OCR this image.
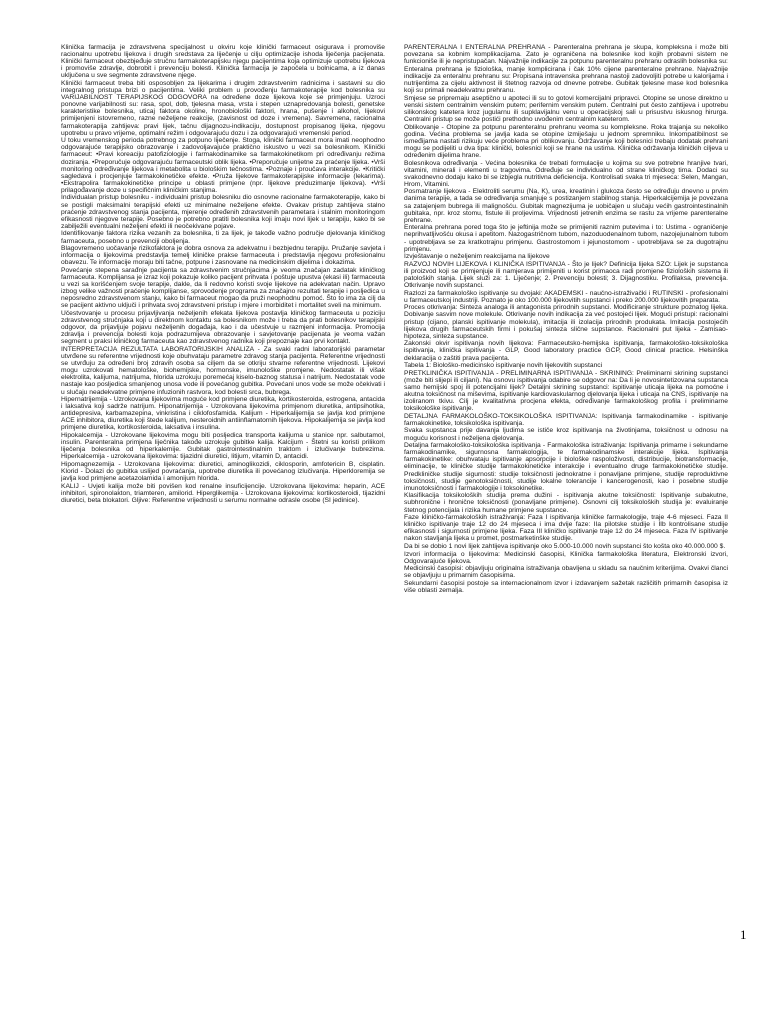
Klinička farmacija je zdravstvena specijalnost u okviru koje klinički farmaceut osigurava i promoviše racionalnu upotrebu lijekova i drugih sredstava za liječenje u cilju optimizacije ishoda liječenja pacijenata. Klinički farmaceut obezbjeđuje stručnu farmakoterapijsku njegu pacijentima koja optimizuje upotrebu lijekova i promoviše zdravlje, dobrobit i prevenciju bolesti. Klinička farmacija je započela u bolnicama, a iz danas uključena u sve segmente zdravstvene njege.

Klinički farmaceut treba biti osposobljen za lijekarima i drugim zdravstvenim radnicima i sastavni su dio integralnog pristupa brizi o pacijentima. Veliki problem u provođenju farmakoterapije kod bolesnika su VARIJABILNOST TERAPIJSKOG ODGOVORA na određene doze lijekova koje se primjenjuju. Uzroci ponovne varijabilnosti su: rasa, spol, dob, tjelesna masa, vrsta i stepen uznapredovanja bolesti, genetske karakteristike bolesnika, uticaj faktora okoline, hronobiološki faktori, hrana, pušenje i alkohol, lijekovi primijenjeni istovremeno, razne neželjene reakcije, (zavisnost od doze i vremena). Savremena, racionalna farmakoterapija zahtijeva: pravi lijek, tačnu dijagnozu-indikaciju, dostupnost propisanog lijeka, njegovu upotrebu u pravo vrijeme, optimalni režim i odgovarajuću dozu i za odgovarajući vremenski period.

U toku vremenskog perioda potrebnog za potpuno liječenje. Stoga, klinički farmaceut mora imati neophodno odgovarajuće terapijsko obrazovanje i zadovoljavajuće praktično iskustvo u vezi sa bolesnikom. Klinički farmaceut: •Pravi koreaciju patofiziologije i farmakodinamike sa farmakokinetikom pri određivanju režima doziranja. •Preporučuje odgovarajuću farmaceutski oblik lijeka. •Preporučuje unijetne za praćenje lijeka. •Vrši monitoring određivanje lijekova i metabolita u biološkim tečnostima. •Poznaje i proučava interakcije. •Kritički sagledava i procjenjuje farmakokinetičke efekte. •Pruža lijekove farmakoterapijske informacije (lekarima). •Ekstrapolira farmakokinetičke principe u oblasti primjene (npr. lijekove preduzimanje lijekova). •Vrši prilagođavanje doze u specifičnim kliničkim stanjima.

Individualan pristup bolesniku - individualni pristup bolesniku dio osnovne racionalne farmakoterapije, kako bi se postigli maksimalni terapijski efekti uz minimalne neželjene efekte. Ovakav pristup zahtijeva stalno praćenje zdravstvenog stanja pacijenta, mjerenje određenih zdravstvenih parametara i stalnim monitoringom efikasnosti njegove terapije. Posebno je potrebno pratiti bolesnika koji imaju novi lijek u terapiju, kako bi se zabilježili eventualni neželjeni efekti ili neočekivane pojave.

Identifikovanje faktora rizika vezanih za bolesnika, ti za lijek, je takođe važno područje djelovanja kliničkog farmaceuta, posebno u prevenciji oboljenja.

Blagovremeno uočavanje rizikofaktora je dobra osnova za adekvatnu i bezbjednu terapiju. Pružanje savjeta i informacija o lijekovima predstavlja temelj kliničke prakse farmaceuta i predstavlja njegovu profesionalnu obavezu. Te informacije moraju biti tačne, potpune i zasnovane na medicinskim dijelima i dokazima.

Povećanje stepena sarađnje pacijenta sa zdravstvenim stručnjacima je veoma značajan zadatak kliničkog farmaceuta. Komplijansa je izraz koji pokazuje koliko pacijent prihvata i poštuje upustva (ekasi ili) farmaceuta u vezi sa korišćenjem svoje terapije, dakle, da li redovno koristi svoje lijekove na adekvatan način. Upravo izbog velike važnosti praćenje komplijanse, sprovodenje programa za značajno rezultati terapije i posljedica u neposredno zdravstvenom stanju, kako bi farmaceut mogao da pruži neophodnu pomoć. Što to ima za cilj da se pacijent aktivno uključi i prihvata svoj zdravstveni pristup i mjere i morbiditet i mortalitet sveli na minimum.

Učestvovanje u procesu prijavljivanja neželjenih efekata lijekova postavlja kliničkog farmaceuta u poziciju zdravstvenog stručnjaka koji u direktnom kontaktu sa bolesnikom može i treba da prati bolesnikov terapijski odgovor, da prijavljuje pojavu neželjenih događaja, kao i da učestvuje u razmjeni informacija. Promocija zdravlja i prevencija bolesti koja podrazumijeva obrazovanje i savjetovanje pacijenata je veoma važan segment u praksi kliničkog farmaceuta kao zdravstvenog radnika koji prepoznaje kao prvi kontakt.

INTERPRETACIJA REZULTATA LABORATORIJSKIH ANALIZA - Za svaki radni laboratorijski parametar utvrđene su referentne vrijednosti koje obuhvataju parametre zdravog stanja pacijenta. Referentne vrijednosti se utvrđuju za određeni broj zdravih osoba sa ciljem da se otkriju stvarne referentne vrijednosti. Lijekovi mogu uzrokovati hematološke, biohemijske, hormonske, imunološke promjene. Nedostatak ili višak elektrolita, kalijuma, natrijuma, hlorida uzrokuju poremećaj kiselo-baznog statusa i natrijum. Nedostatak vode nastaje kao posljedica smanjenog unosa vode ili povećanog gubitka. Povećani unos vode se može očekivati i u slučaju neadekvatne primjene infuzionih rastvora, kod bolesti srca, bubrega.

Hipernatrijemija - Uzrokovana lijekovima moguće kod primjene diuretika, kortikosteroida, estrogena, antacida i laksativa koji sadrže natrijum. Hiponatrijemija - Uzrokovana lijekovima primjenom diuretika, antipsihotika, antidepresiva, karbamazepina, vinkristina i ciklofosfamida. Kalijum - Hiperkalijemija se javlja kod primjene ACE inhibitora, diuretika koji štede kalijum, nesteroidnih antiinflamatornih lijekova. Hipokalijemija se javlja kod primjene diuretika, kortikosteroida, laksativa i insulina.

Hipokalcemija - Uzrokovane lijekovima mogu biti posljedica transporta kalijuma u stanice npr. salbutamol, insulin. Parenteralna primjena liječnika takođe uzrokuje gubitke kalija. Kalcijum - Štetni su koristi prilikom liječenja bolesnika od hiperkalemije. Gubitak gastrointestinalnim traktom i izlučivanje bubrezima. Hiperkalcemija - uzrokovana lijekovima: tijazidni diuretici, litijum, vitamin D, antacidi.

Hipomagnezemija - Uzrokovana lijekovima: diuretici, aminoglikozidi, ciklosporin, amfotericin B, cisplatin. Klorid - Dolazi do gubitka uslijed povraćanja, upotrebe diuretika ili povećanog izlučivanja. Hiperkloremija se javlja kod primjene acetazolamida i amonijum hlorida.

KALIJ - Uvjeti kalija može biti povišen kod renalne insuficijencije. Uzrokovana lijekovima: heparin, ACE inhibitori, spironolakton, triamteren, amilorid. Hiperglikemija - Uzrokovana lijekovima: kortikosteroidi, tijazidni diuretici, beta blokatori. Gljive: Referentne vrijednosti u serumu normalne odrasle osobe (SI jedinice).

PARENTERALNA I ENTERALNA PREHRANA - Parenteralna prehrana je skupa, kompleksna i može biti povezana sa kobnim komplikacijama. Zato je ograničena na bolesnike kod kojih probavni sistem ne funkcioniše ili je nepristupačan. Najvažnije indikacije za potpunu parenteralnu prehranu odraslih bolesnika su:

Enteralna prehrana je fiziološka, manje komplicirana i čak 10% cijene parenteralne prehrane. Najvažnije indikacije za enteralnu prehranu su: Propisana intravenska prehrana nastoji zadovoljiti potrebe u kalorijama i nutrijentima za cijelu aktivnost ili štetnog razvoja od dnevne potrebe. Gubitak tjelesne mase kod bolesnika koji su primali neadekvatnu prehranu.

Smjese se pripremaju aseptično u apoteci ili su to gotovi komercijalni pripravci. Otopine se unose direktno u venski sistem centralnim venskim putem; perifernim venskim putem. Centralni put često zahtijeva i upotrebu silikonskog katetera kroz jugularnu ili supklavijalnu venu u operacijskoj sali u prisustvu iskusnog hirurga. Centralni pristup se može postići prethodno uvođenim centralnim kateterom.

Oblikovanje - Otopine za potpunu parenteralnu prehranu veoma su kompleksne. Roka trajanja su nekoliko godina. Većina problema se javlja kada se otopine izmiješaju u jednom spremniku. Inkompatibilnost se ismeđijama nastati rizikuju veće problema pri oblikovanju. Održavanje koji bolesnici trebaju dodatak prehrani mogu se podijeliti u dva tipa: klinički, bolesnici koji se hrane na ustima. Klinička održavanja kliničkih ciljeva u određenim dijelima hrane.

Bolesnikova određivanja - Većina bolesnika će trebati formulacije u kojima su sve potrebne hranjive tvari, vitamini, minerali i elementi u tragovima. Određuje se individualno od strane kliničkog tima. Dodaci su svakodnevno dodaju kako bi se izbjegla nutritivna deficiencija. Kontrolisati svaka tri mjeseca: Selen, Mangan, Hrom, Vitamini.

Posmatranje lijekova - Elektroliti serumu (Na, K), urea, kreatinin i glukoza često se određuju dnevno u prvim danima terapije, a tada se određivanja smanjuje s postizanjem stabilnog stanja. Hiperkalcijemija je povezana sa zatajenjem bubrega ili malignošću. Gubitak magnezijuma je uobičajen u slučaju većih gastrointestinalnih gubitaka, npr. kroz stomu, fistule ili proljevima. Vrijednosti jetrenih enzima se rastu za vrijeme parenteralne prehrane.

Enteralna prehrana pored toga što je jeftinija može se primijeniti raznim putevima i to: Ustima - ograničenje neprihvatljivošću okusa i apetitom. Nazogastričnom tubom, nazoduodenalnom tubom, nazojejunalnom tubom - upotrebljava se za kratkotrajnu primjenu. Gastrostomom i jejunostomom - upotrebljava se za dugotrajnu primjenu.

Izvještavanje o neželjenim reakcijama na lijekove

RAZVOJ NOVIH LIJEKOVA I KLINIČKA ISPITIVANJA - Što je lijek? Definicija lijeka SZO: Lijek je supstanca ili proizvod koji se primjenjuje ili namjerava primijeniti u korist primaoca radi promjene fizioloških sistema ili patoloških stanja. Lijek služi za: 1. Liječenje; 2. Prevenciju bolesti; 3. Dijagnostiku. Profilaksa, prevencija. Otkrivanje novih supstanci.

Razlozi za farmakološko ispitivanje su dvojaki: AKADEMSKI - naučno-istraživački i RUTINSKI - profesionalni u farmaceutskoj industriji. Poznato je oko 100.000 lijekovitih supstanci i preko 200.000 lijekovitih preparata.

Proces otkrivanja: Sinteza analoga ili antagonista prirodnih supstanci. Modificiranje strukture poznatog lijeka. Dobivanje sasvim nove molekule. Otkrivanje novih indikacija za već postojeći lijek. Mogući pristupi: racionalni pristup (cijano, planski ispitivanje molekula), imitacija ili izolacija prirodnih produkata. Imitacija postojećih lijekova drugih farmaceutskih firmi i pokušaj sinteza slične supstance. Racionalni put lijeka - Zamisao-hipoteza, sinteza supstance.

Zakonski okvir ispitivanja novih lijekova: Farmaceutsko-hemijska ispitivanja, farmakološko-toksikološka ispitivanja, klinička ispitivanja - GLP, Good laboratory practice GCP, Good clinical practice. Helsinška deklaracija o zaštiti prava pacijenta.

Tabela 1: Biološko-medicinsko ispitivanje novih lijekovitih supstanci

PRETKLINIČKA ISPITIVANJA - PRELIMINARNA ISPITIVANJA - SKRINING: Preliminarni skrining supstanci (može biti slijepi ili ciljani). Na osnovu ispitivanja odabire se odgovor na: Da li je novosintetizovana supstanca samo hemijski spoj ili potencijalni lijek? Detaljni skrining supstanci: ispitivanje uticaja lijeka na pomoćne i akutna toksičnost na miševima, ispitivanje kardiovaskularnog djelovanja lijeka i uticaja na CNS, ispitivanje na izoliranom tkivu. Cilj je kvalitativna procjena efekta, određivanje farmakološkog profila i preliminarne toksikološke ispitivanje.

DETALJNA FARMAKOLOŠKO-TOKSIKOLOŠKA ISPITIVANJA: Ispitivanja farmakodinamike - ispitivanje farmakokinetike, toksikološka ispitivanja.

Svaka supstanca prije davanja ljudima se ističe kroz ispitivanja na životinjama, toksičnost u odnosu na moguću korisnost i neželjena djelovanja.

Detaljna farmakološko-toksikološka ispitivanja - Farmakološka istraživanja: Ispitivanja primarne i sekundarne farmakodinamike, sigurnosna farmakologija, te farmakodinamske interakcije lijeka. Ispitivanja farmakokinetike: obuhvataju ispitivanje apsorpcije i biološke raspoloživosti, distribucije, biotransformacije, eliminacije, te kliničke studije farmakokinetičke interakcije i eventualno druge farmakokinetičke studije. Predkliničke studije sigurnosti: studije toksičnosti jednokratne i ponavljane primjene, studije reproduktivne toksičnosti, studije genotoksičnosti, studije lokalne tolerancije i kancerogenosti, kao i posebne studije imunotoksičnosti i farmakologije i toksokinetike.

Klasifikacija toksikoloških studija prema dužini - ispitivanja akutne toksičnosti: Ispitivanje subakutne, subhronične i hronične toksičnosti (ponavljane primjene). Osnovni cilj toksikoloških studija je: evaluiranje štetnog potencijala i rizika humane primjene supstance.

Faze kliničko-farmakoloških istraživanja: Faza I ispitivanja kliničke farmakologije, traje 4-6 mjeseci. Faza II kliničko ispitivanje traje 12 do 24 mjeseca i ima dvije faze: IIa pilotske studije i IIb kontrolisane studije efikasnosti i sigurnosti primjene lijeka. Faza III kliničko ispitivanje traje 12 do 24 mjeseca. Faza IV ispitivanje nakon stavljanja lijeka u promet, postmarketinške studije.

Da bi se dobio 1 novi lijek zahtijeva ispitivanje oko 5.000-10.000 novih supstanci što košta oko 40.000.000 $.

Izvori informacija o lijekovima: Medicinski časopisi, Klinička farmakološka literatura, Elektronski izvori, Odgovarajuće lijekova.

Medicinski časopisi: objavljuju originalna istraživanja obavljena u skladu sa naučnim kriterijima. Ovakvi članci se objavljuju u primarnim časopisima.

Sekundarni časopisi postoje sa internacionalnom izvor i izdavanjem sažetak različitih primarnih časopisa iz više oblasti zemalja.

1
